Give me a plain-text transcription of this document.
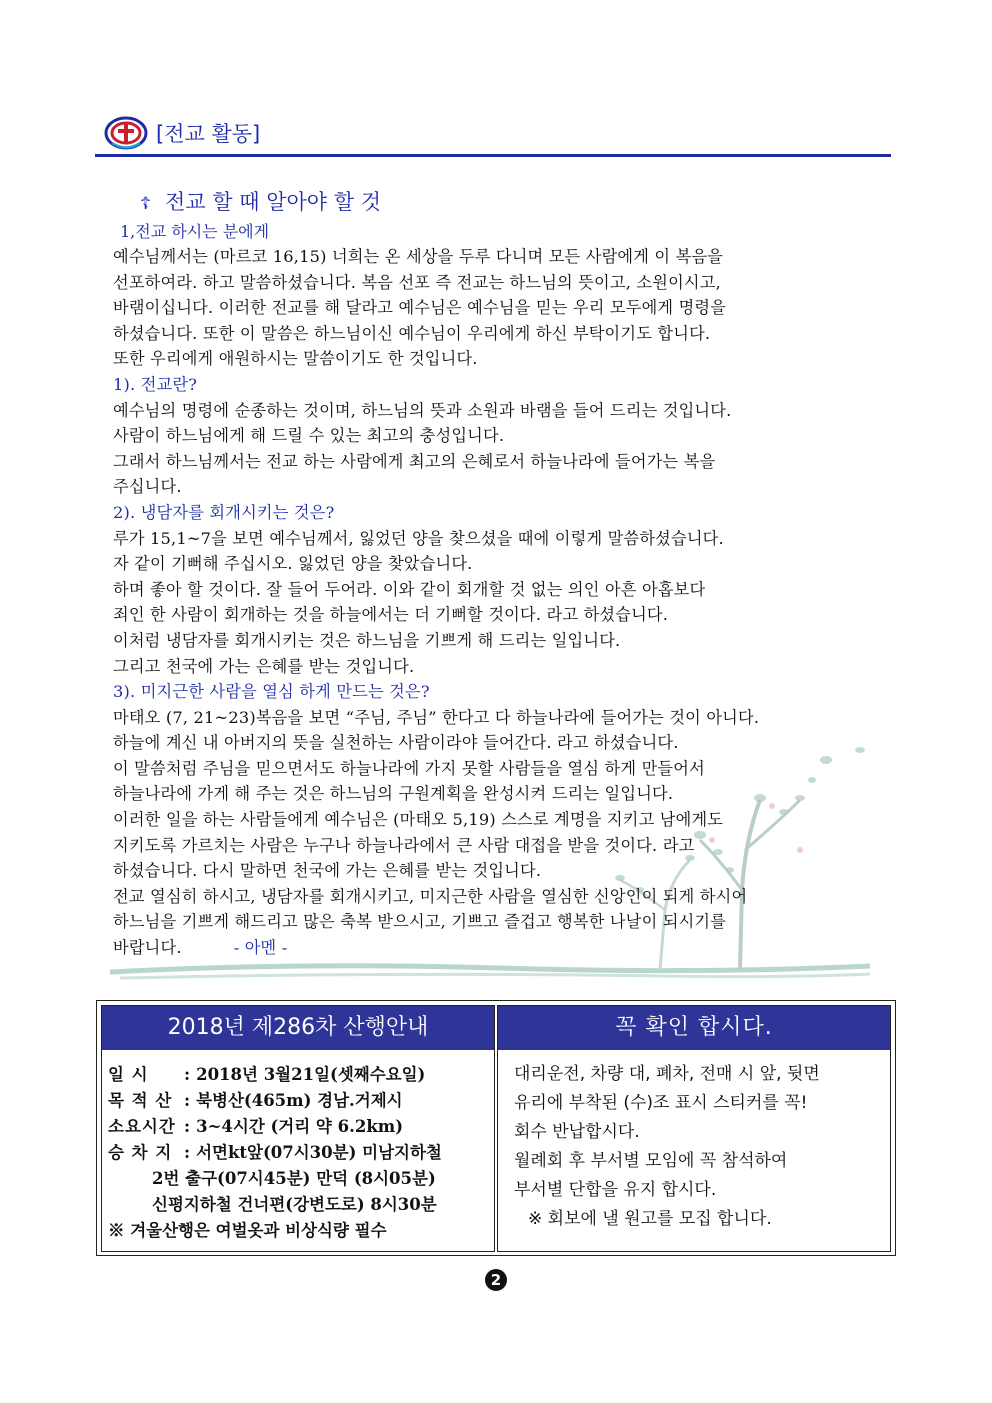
[전교 활동]
☦ 전교 할 때 알아야 할 것
1,전교 하시는 분에게
예수님께서는 (마르코 16,15) 너희는 온 세상을 두루 다니며 모든 사람에게 이 복음을
선포하여라. 하고 말씀하셨습니다. 복음 선포 즉 전교는 하느님의 뜻이고, 소원이시고,
바램이십니다. 이러한 전교를 해 달라고 예수님은 예수님을 믿는 우리 모두에게 명령을
하셨습니다. 또한 이 말씀은 하느님이신 예수님이 우리에게 하신 부탁이기도 합니다.
또한 우리에게 애원하시는 말씀이기도 한 것입니다.
1). 전교란?
예수님의 명령에 순종하는 것이며, 하느님의 뜻과 소원과 바램을 들어 드리는 것입니다.
사람이 하느님에게 해 드릴 수 있는 최고의 충성입니다.
그래서 하느님께서는 전교 하는 사람에게 최고의 은혜로서 하늘나라에 들어가는 복을
주십니다.
2). 냉담자를 회개시키는 것은?
루가 15,1~7을 보면 예수님께서, 잃었던 양을 찾으셨을 때에 이렇게 말씀하셨습니다.
자 같이 기뻐해 주십시오. 잃었던 양을 찾았습니다.
하며 좋아 할 것이다. 잘 들어 두어라. 이와 같이 회개할 것 없는 의인 아흔 아홉보다
죄인 한 사람이 회개하는 것을 하늘에서는 더 기뻐할 것이다. 라고 하셨습니다.
이처럼 냉담자를 회개시키는 것은 하느님을 기쁘게 해 드리는 일입니다.
그리고 천국에 가는 은혜를 받는 것입니다.
3). 미지근한 사람을 열심 하게 만드는 것은?
마태오 (7, 21~23)복음을 보면 “주님, 주님” 한다고 다 하늘나라에 들어가는 것이 아니다.
하늘에 계신 내 아버지의 뜻을 실천하는 사람이라야 들어간다. 라고 하셨습니다.
이 말씀처럼 주님을 믿으면서도 하늘나라에 가지 못할 사람들을 열심 하게 만들어서
하늘나라에 가게 해 주는 것은 하느님의 구원계획을 완성시켜 드리는 일입니다.
이러한 일을 하는 사람들에게 예수님은 (마태오 5,19) 스스로 계명을 지키고 남에게도
지키도록 가르치는 사람은 누구나 하늘나라에서 큰 사람 대접을 받을 것이다. 라고
하셨습니다. 다시 말하면 천국에 가는 은혜를 받는 것입니다.
전교 열심히 하시고, 냉담자를 회개시키고, 미지근한 사람을 열심한 신앙인이 되게 하시어
하느님을 기쁘게 해드리고 많은 축복 받으시고, 기쁘고 즐겁고 행복한 나날이 되시기를
바랍니다.	- 아멘 -
2018년 제286차 산행안내
일 시 : 2018년 3월21일(셋째수요일)
목 적 산 : 북병산(465m) 경남.거제시
소요시간 : 3~4시간 (거리 약 6.2km)
승 차 지 : 서면kt앞(07시30분) 미남지하철
2번 출구(07시45분) 만덕 (8시05분)
신평지하철 건너편(강변도로) 8시30분
※ 겨울산행은 여벌옷과 비상식량 필수
꼭 확인 합시다.
대리운전, 차량 대, 폐차, 전매 시 앞, 뒷면
유리에 부착된 (수)조 표시 스티커를 꼭!
회수 반납합시다.
월례회 후 부서별 모임에 꼭 참석하여
부서별 단합을 유지 합시다.
※ 회보에 낼 원고를 모집 합니다.
2
